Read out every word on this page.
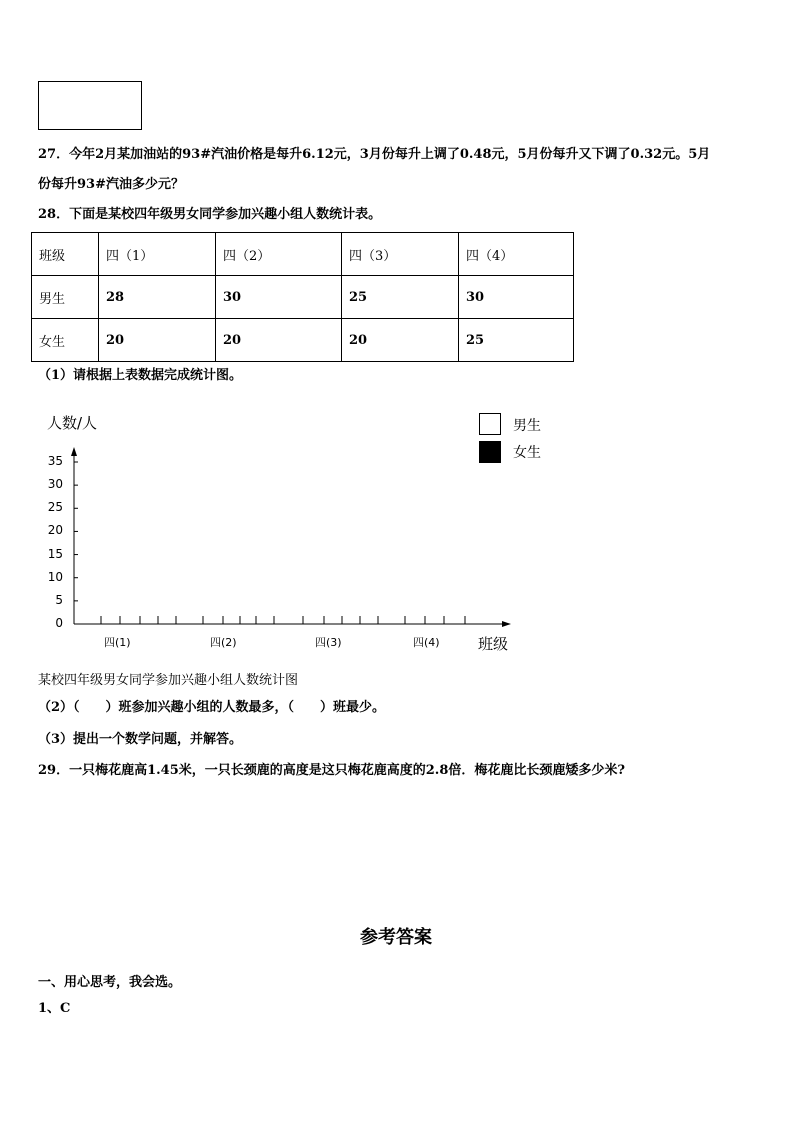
27．今年2月某加油站的93#汽油价格是每升6.12元，3月份每升上调了0.48元，5月份每升又下调了0.32元。5月
份每升93#汽油多少元？
28．下面是某校四年级男女同学参加兴趣小组人数统计表。
班级	四（1）	四（2）	四（3）	四（4）
男生	28	30	25	30
女生	20	20	20	25
（1）请根据上表数据完成统计图。
人数/人
班级
男生
女生
0
5
10
15
20
25
30
35
四(1)	四(2)	四(3)	四(4)
某校四年级男女同学参加兴趣小组人数统计图
（2）（　　）班参加兴趣小组的人数最多，（　　）班最少。
（3）提出一个数学问题，并解答。
29．一只梅花鹿高1.45米，一只长颈鹿的高度是这只梅花鹿高度的2.8倍．梅花鹿比长颈鹿矮多少米?
参考答案
一、用心思考，我会选。
1、C
